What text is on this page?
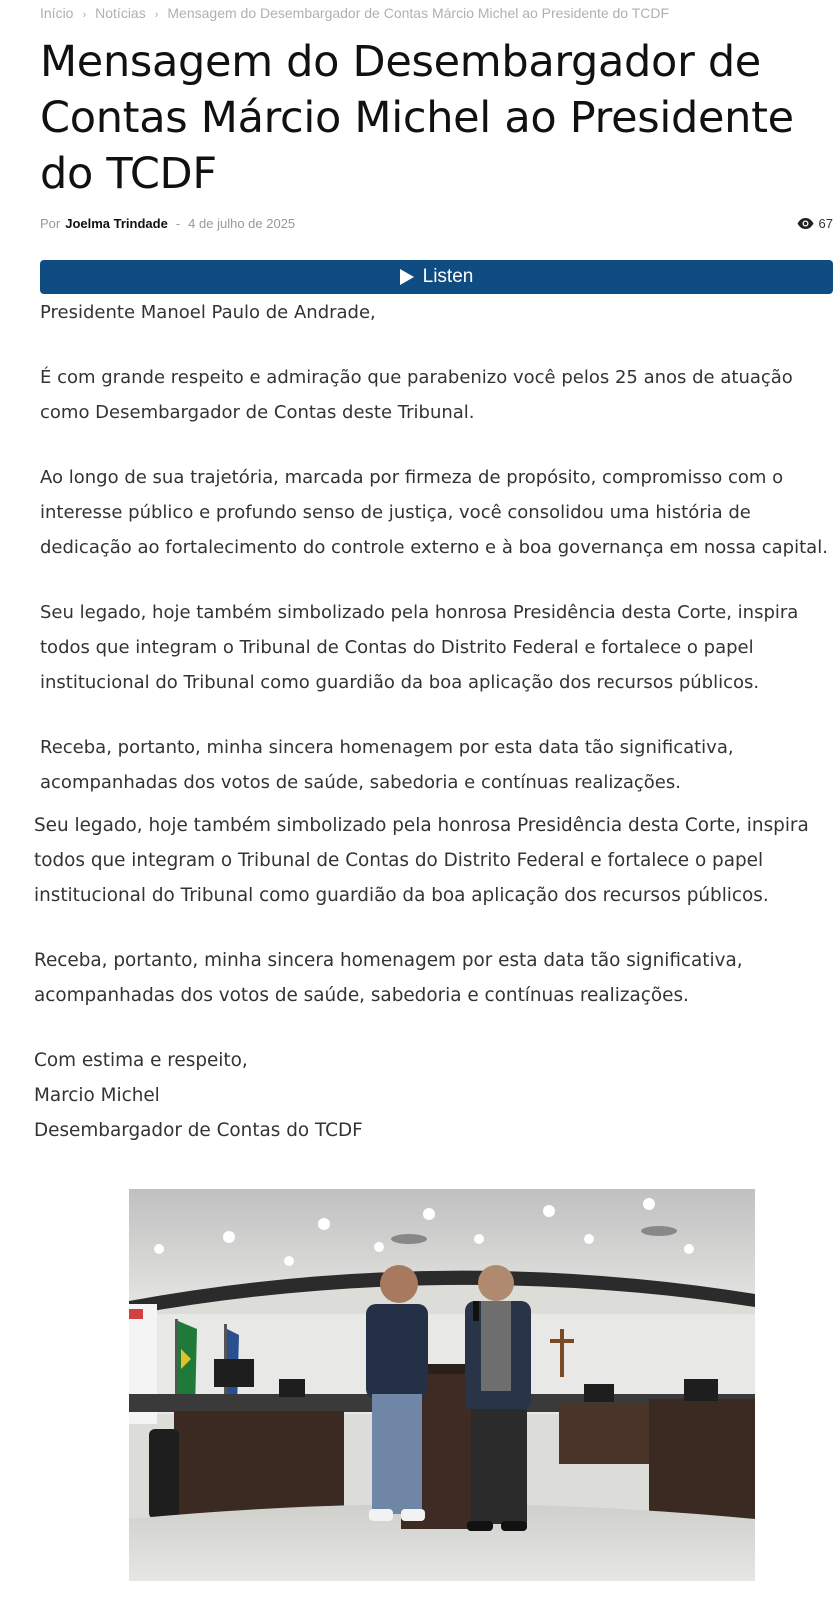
Início › Notícias › Mensagem do Desembargador de Contas Márcio Michel ao Presidente do TCDF
Mensagem do Desembargador de Contas Márcio Michel ao Presidente do TCDF
Por Joelma Trindade - 4 de julho de 2025	67
Listen

Presidente Manoel Paulo de Andrade,

É com grande respeito e admiração que parabenizo você pelos 25 anos de atuação como Desembargador de Contas deste Tribunal.

Ao longo de sua trajetória, marcada por firmeza de propósito, compromisso com o interesse público e profundo senso de justiça, você consolidou uma história de dedicação ao fortalecimento do controle externo e à boa governança em nossa capital.

Seu legado, hoje também simbolizado pela honrosa Presidência desta Corte, inspira todos que integram o Tribunal de Contas do Distrito Federal e fortalece o papel institucional do Tribunal como guardião da boa aplicação dos recursos públicos.

Receba, portanto, minha sincera homenagem por esta data tão significativa, acompanhadas dos votos de saúde, sabedoria e contínuas realizações.

Seu legado, hoje também simbolizado pela honrosa Presidência desta Corte, inspira todos que integram o Tribunal de Contas do Distrito Federal e fortalece o papel institucional do Tribunal como guardião da boa aplicação dos recursos públicos.

Receba, portanto, minha sincera homenagem por esta data tão significativa, acompanhadas dos votos de saúde, sabedoria e contínuas realizações.

Com estima e respeito,
Marcio Michel
Desembargador de Contas do TCDF
